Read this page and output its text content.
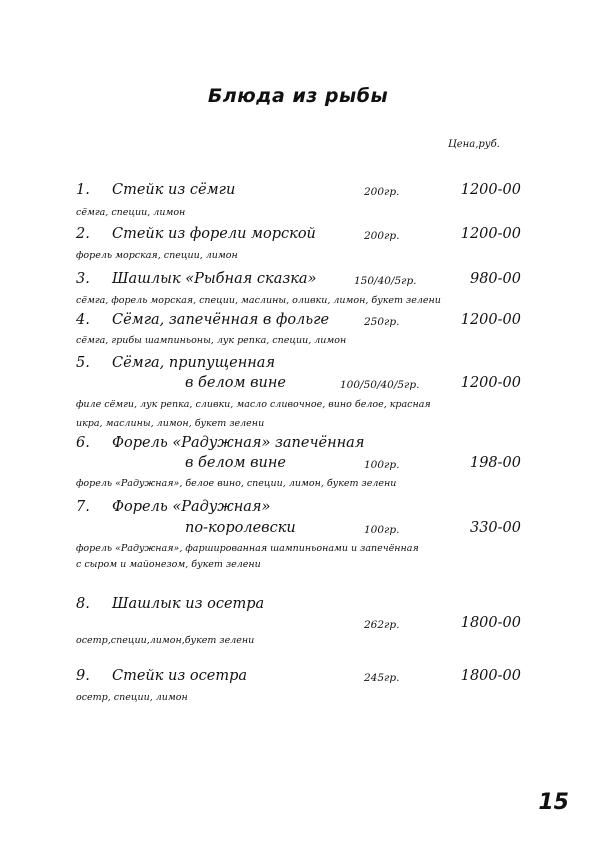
Блюда из рыбы
Цена,руб.
1. Стейк из сёмги	200гр.	1200-00
сёмга, специи, лимон
2. Стейк из форели морской	200гр.	1200-00
форель морская, специи, лимон
3. Шашлык «Рыбная сказка»	150/40/5гр.	980-00
сёмга, форель морская, специи, маслины, оливки, лимон, букет зелени
4. Сёмга, запечённая в фольге	250гр.	1200-00
сёмга, грибы шампиньоны, лук репка, специи, лимон
5. Сёмга, припущенная
в белом вине	100/50/40/5гр.	1200-00
филе сёмги, лук репка, сливки, масло сливочное, вино белое, красная
икра, маслины, лимон, букет зелени
6. Форель «Радужная» запечённая
в белом вине	100гр.	198-00
форель «Радужная», белое вино, специи, лимон, букет зелени
7. Форель «Радужная»
по-королевски	100гр.	330-00
форель «Радужная», фаршированная шампиньонами и запечённая
с сыром и майонезом, букет зелени
8. Шашлык из осетра
262гр.	1800-00
осетр,специи,лимон,букет зелени
9. Стейк из осетра	245гр.	1800-00
осетр, специи, лимон
15
